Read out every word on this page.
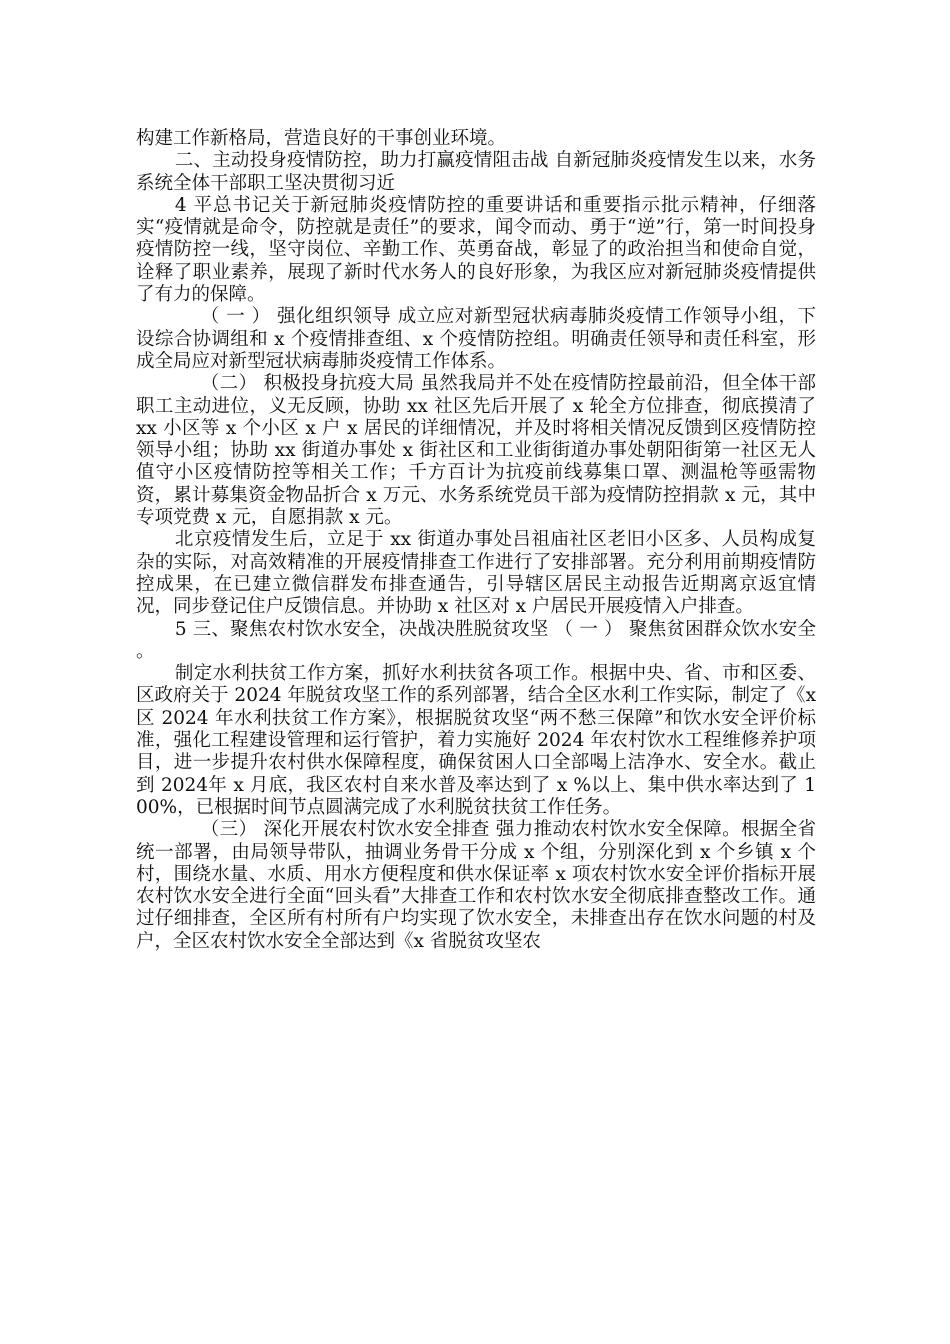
构建工作新格局，营造良好的干事创业环境。

二、主动投身疫情防控，助力打赢疫情阻击战 自新冠肺炎疫情发生以来，水务系统全体干部职工坚决贯彻习近

4 平总书记关于新冠肺炎疫情防控的重要讲话和重要指示批示精神，仔细落实“疫情就是命令，防控就是责任”的要求，闻令而动、勇于“逆”行，第一时间投身疫情防控一线，坚守岗位、辛勤工作、英勇奋战，彰显了的政治担当和使命自觉，诠释了职业素养，展现了新时代水务人的良好形象，为我区应对新冠肺炎疫情提供了有力的保障。

（ 一 ） 强化组织领导 成立应对新型冠状病毒肺炎疫情工作领导小组，下设综合协调组和 x 个疫情排查组、x 个疫情防控组。明确责任领导和责任科室，形成全局应对新型冠状病毒肺炎疫情工作体系。

（二） 积极投身抗疫大局 虽然我局并不处在疫情防控最前沿，但全体干部职工主动进位，义无反顾，协助 xx 社区先后开展了 x 轮全方位排查，彻底摸清了 xx 小区等 x 个小区 x 户 x 居民的详细情况，并及时将相关情况反馈到区疫情防控领导小组；协助 xx 街道办事处 x 街社区和工业街街道办事处朝阳街第一社区无人值守小区疫情防控等相关工作；千方百计为抗疫前线募集口罩、测温枪等亟需物资，累计募集资金物品折合 x 万元、水务系统党员干部为疫情防控捐款 x 元，其中专项党费 x 元，自愿捐款 x 元。

北京疫情发生后，立足于 xx 街道办事处吕祖庙社区老旧小区多、人员构成复杂的实际，对高效精准的开展疫情排查工作进行了安排部署。充分利用前期疫情防控成果，在已建立微信群发布排查通告，引导辖区居民主动报告近期离京返宜情况，同步登记住户反馈信息。并协助 x 社区对 x 户居民开展疫情入户排查。

5 三、聚焦农村饮水安全，决战决胜脱贫攻坚 （ 一 ） 聚焦贫困群众饮水安全 。

制定水利扶贫工作方案，抓好水利扶贫各项工作。根据中央、省、市和区委、区政府关于 2024 年脱贫攻坚工作的系列部署，结合全区水利工作实际，制定了《x 区 2024 年水利扶贫工作方案》，根据脱贫攻坚“两不愁三保障”和饮水安全评价标准，强化工程建设管理和运行管护，着力实施好 2024 年农村饮水工程维修养护项目，进一步提升农村供水保障程度，确保贫困人口全部喝上洁净水、安全水。截止到 2024年 x 月底，我区农村自来水普及率达到了 x %以上、集中供水率达到了 100%，已根据时间节点圆满完成了水利脱贫扶贫工作任务。

（三） 深化开展农村饮水安全排查 强力推动农村饮水安全保障。根据全省统一部署，由局领导带队，抽调业务骨干分成 x 个组，分别深化到 x 个乡镇 x 个村，围绕水量、水质、用水方便程度和供水保证率 x 项农村饮水安全评价指标开展农村饮水安全进行全面“回头看”大排查工作和农村饮水安全彻底排查整改工作。通过仔细排查，全区所有村所有户均实现了饮水安全，未排查出存在饮水问题的村及户，全区农村饮水安全全部达到《x 省脱贫攻坚农
